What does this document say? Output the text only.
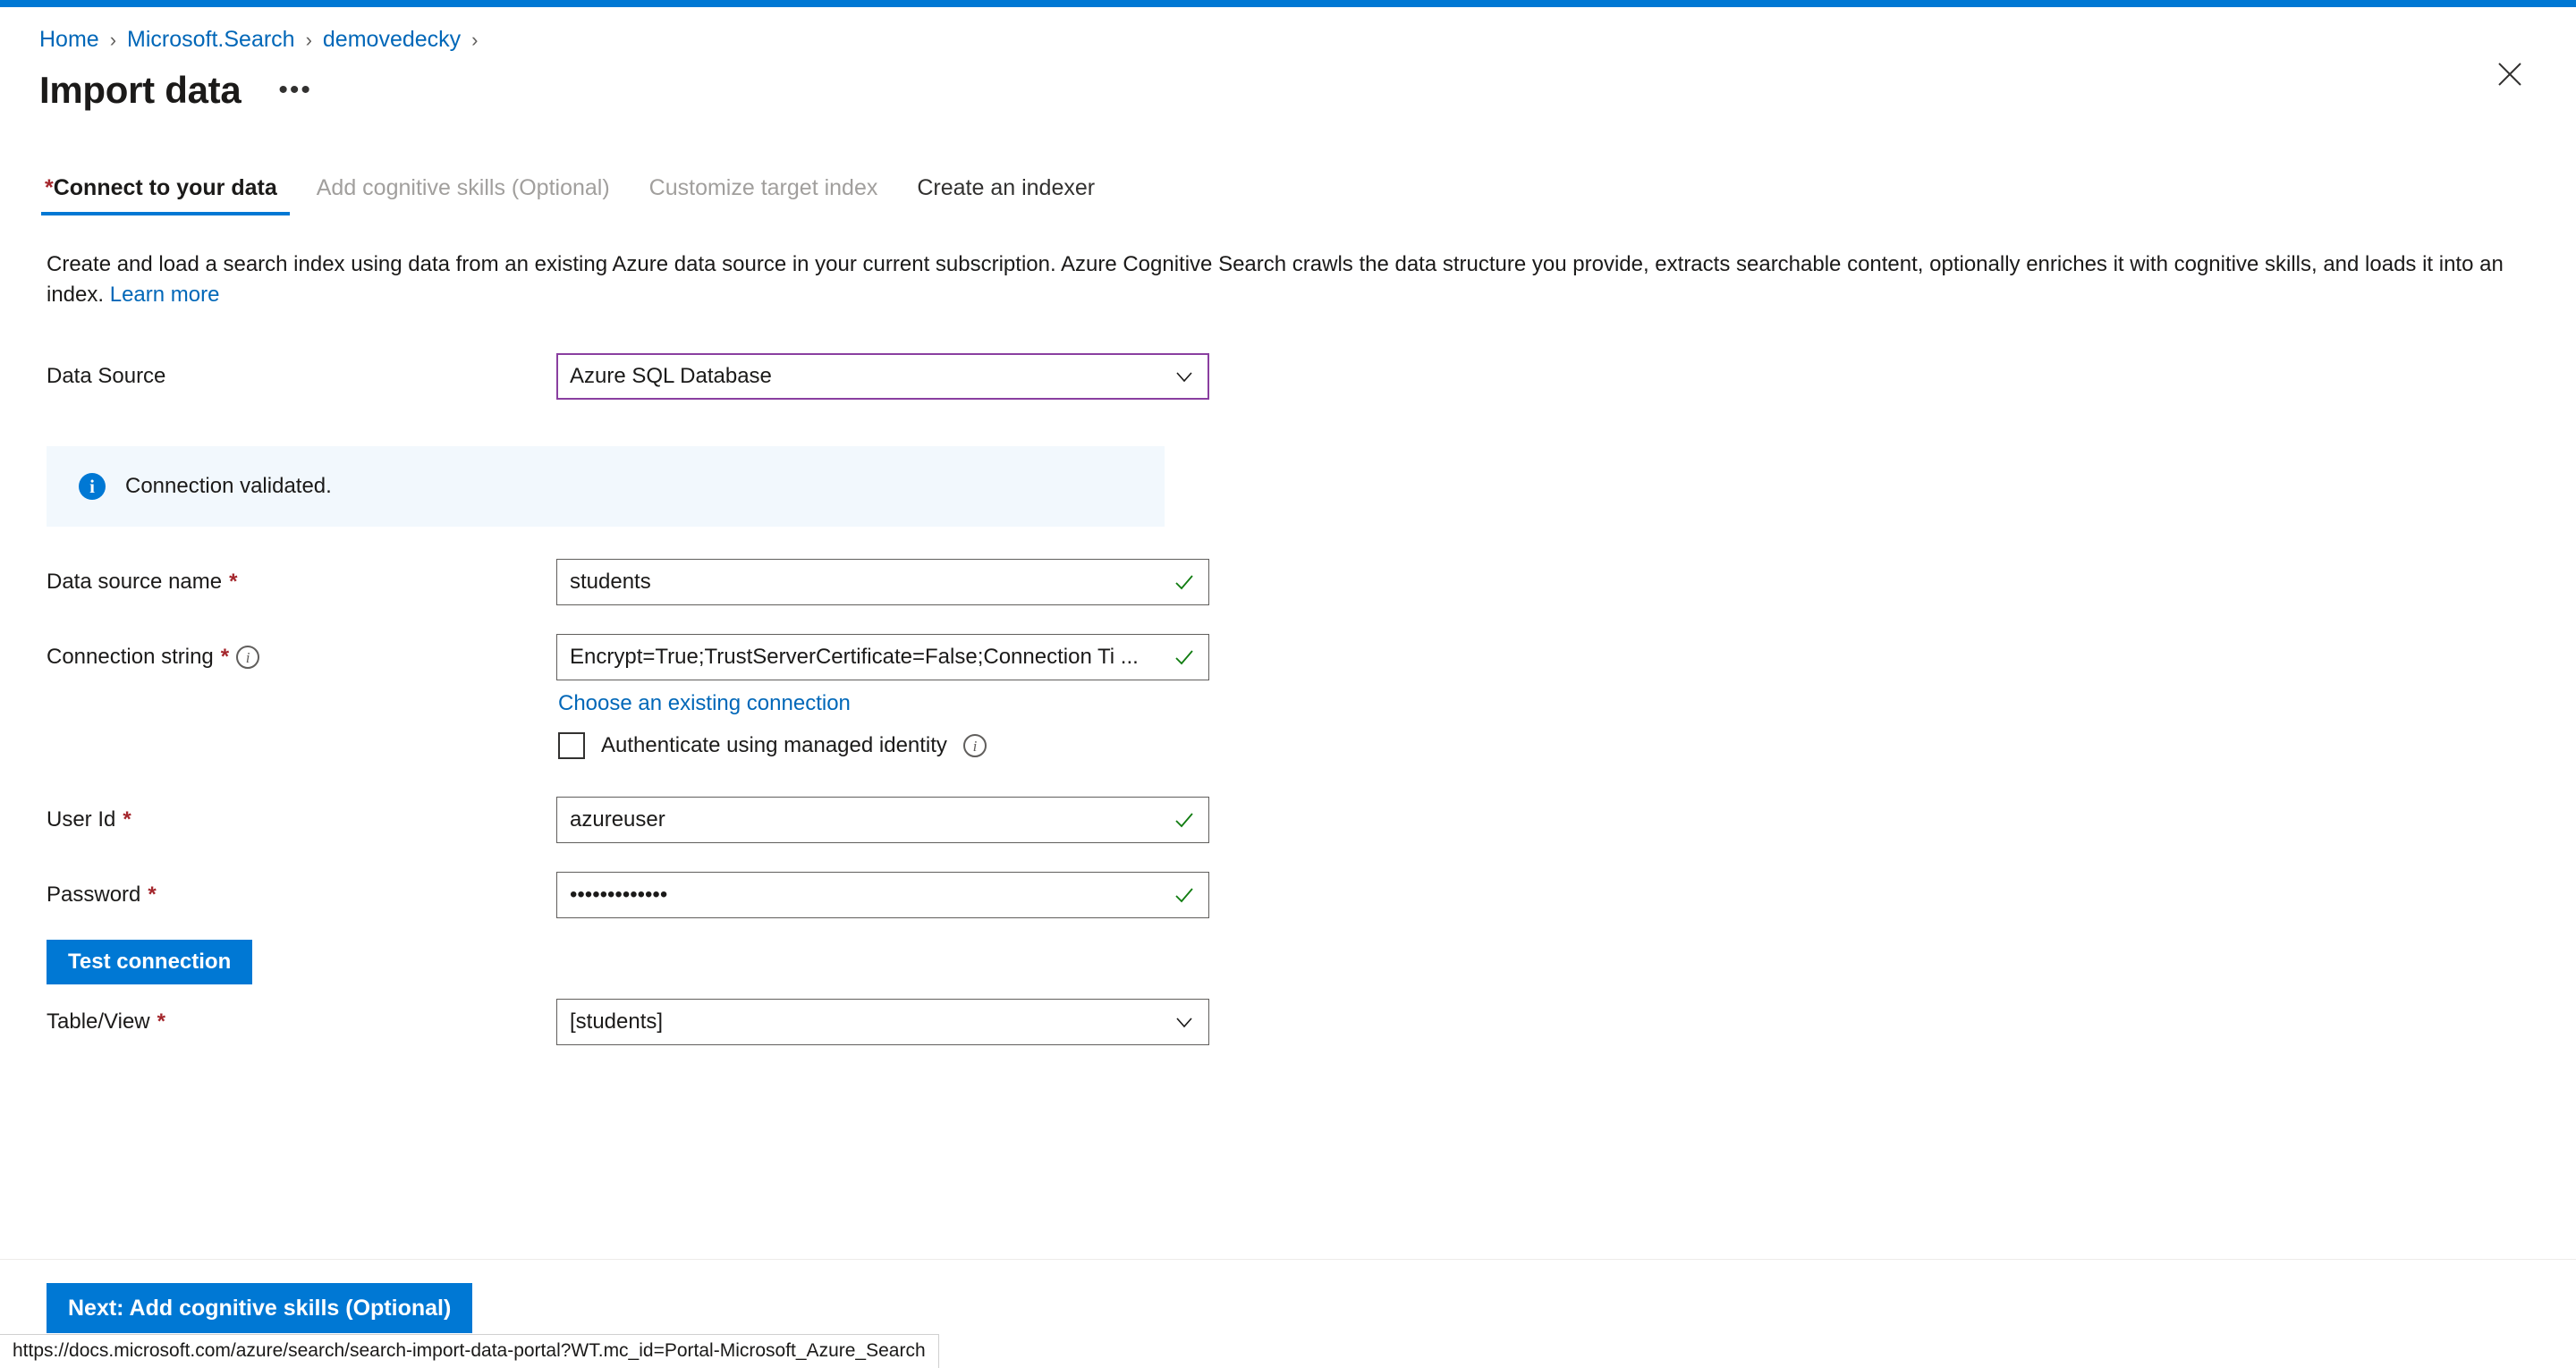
Home › Microsoft.Search › demovedecky ›
Import data	•••
*Connect to your data	Add cognitive skills (Optional)	Customize target index	Create an indexer
Create and load a search index using data from an existing Azure data source in your current subscription. Azure Cognitive Search crawls the data structure you provide, extracts searchable content, optionally enriches it with cognitive skills, and loads it into an index. Learn more
Data Source	Azure SQL Database
i	Connection validated.
Data source name *	students
Connection string *	i	Encrypt=True;TrustServerCertificate=False;Connection Ti ...
Choose an existing connection
Authenticate using managed identity	i
User Id *	azureuser
Password *	•••••••••••••
Test connection
Table/View *	[students]
Next: Add cognitive skills (Optional)
https://docs.microsoft.com/azure/search/search-import-data-portal?WT.mc_id=Portal-Microsoft_Azure_Search
